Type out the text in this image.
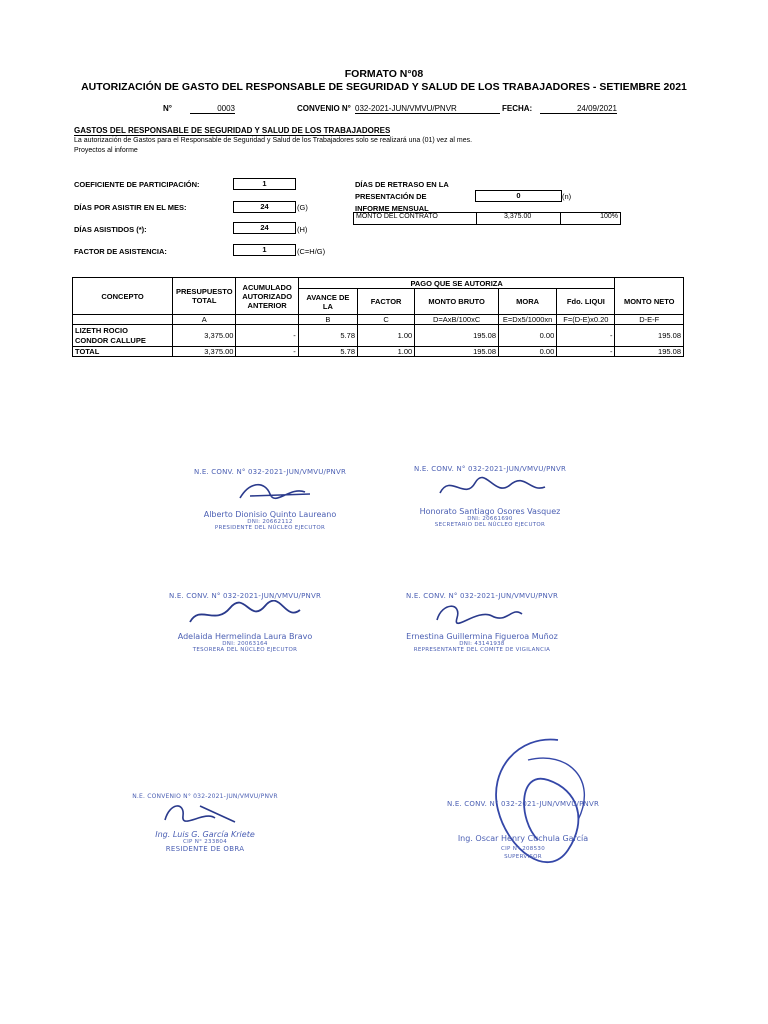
FORMATO N°08
AUTORIZACIÓN DE GASTO DEL RESPONSABLE DE SEGURIDAD Y SALUD DE LOS TRABAJADORES - SETIEMBRE 2021
N°	0003	CONVENIO N° 032-2021-JUN/VMVU/PNVR	FECHA:	24/09/2021
GASTOS DEL RESPONSABLE DE SEGURIDAD Y SALUD DE LOS TRABAJADORES
La autorización de Gastos para el Responsable de Seguridad y Salud de los Trabajadores solo se realizará una (01) vez al mes.
Proyectos al informe
COEFICIENTE DE PARTICIPACIÓN:	1
DÍAS POR ASISTIR EN EL MES:	24	(G)
DÍAS ASISTIDOS (*):	24	(H)
FACTOR DE ASISTENCIA:	1	(C=H/G)
DÍAS DE RETRASO EN LA
PRESENTACIÓN DE
INFORME MENSUAL
0	(n)
MONTO DEL CONTRATO	3,375.00	100%
CONCEPTO	PRESUPUESTO TOTAL	ACUMULADO AUTORIZADO ANTERIOR	PAGO QUE SE AUTORIZA					
			AVANCE DE LA	FACTOR	MONTO BRUTO	MORA	Fdo. LIQUI	MONTO NETO
	A		B	C	D=AxB/100xC	E=Dx5/1000xn	F=(D-E)x0.20	D-E-F

LIZETH ROCIO
CONDOR CALLUPE	3,375.00	-	5.78	1.00	195.08	0.00	-	195.08
TOTAL	3,375.00	-	5.78	1.00	195.08	0.00	-	195.08
N.E. CONV. N° 032-2021-JUN/VMVU/PNVR
Alberto Dionisio Quinto Laureano
DNI: 20662112
PRESIDENTE DEL NÚCLEO EJECUTOR
N.E. CONV. N° 032-2021-JUN/VMVU/PNVR
Honorato Santiago Osores Vasquez
DNI: 20661690
SECRETARIO DEL NÚCLEO EJECUTOR
N.E. CONV. N° 032-2021-JUN/VMVU/PNVR
Adelaida Hermelinda Laura Bravo
DNI: 20063164
TESORERA DEL NÚCLEO EJECUTOR
N.E. CONV. N° 032-2021-JUN/VMVU/PNVR
Ernestina Guillermina Figueroa Muñoz
DNI: 43141938
REPRESENTANTE DEL COMITE DE VIGILANCIA
N.E. CONVENIO N° 032-2021-JUN/VMVU/PNVR
Ing. Luis G. García Kriete
CIP N° 233804
RESIDENTE DE OBRA
N.E. CONV. N° 032-2021-JUN/VMVU/PNVR
Ing. Oscar Henry Cuchula García
CIP N° 208530
SUPERVISOR
